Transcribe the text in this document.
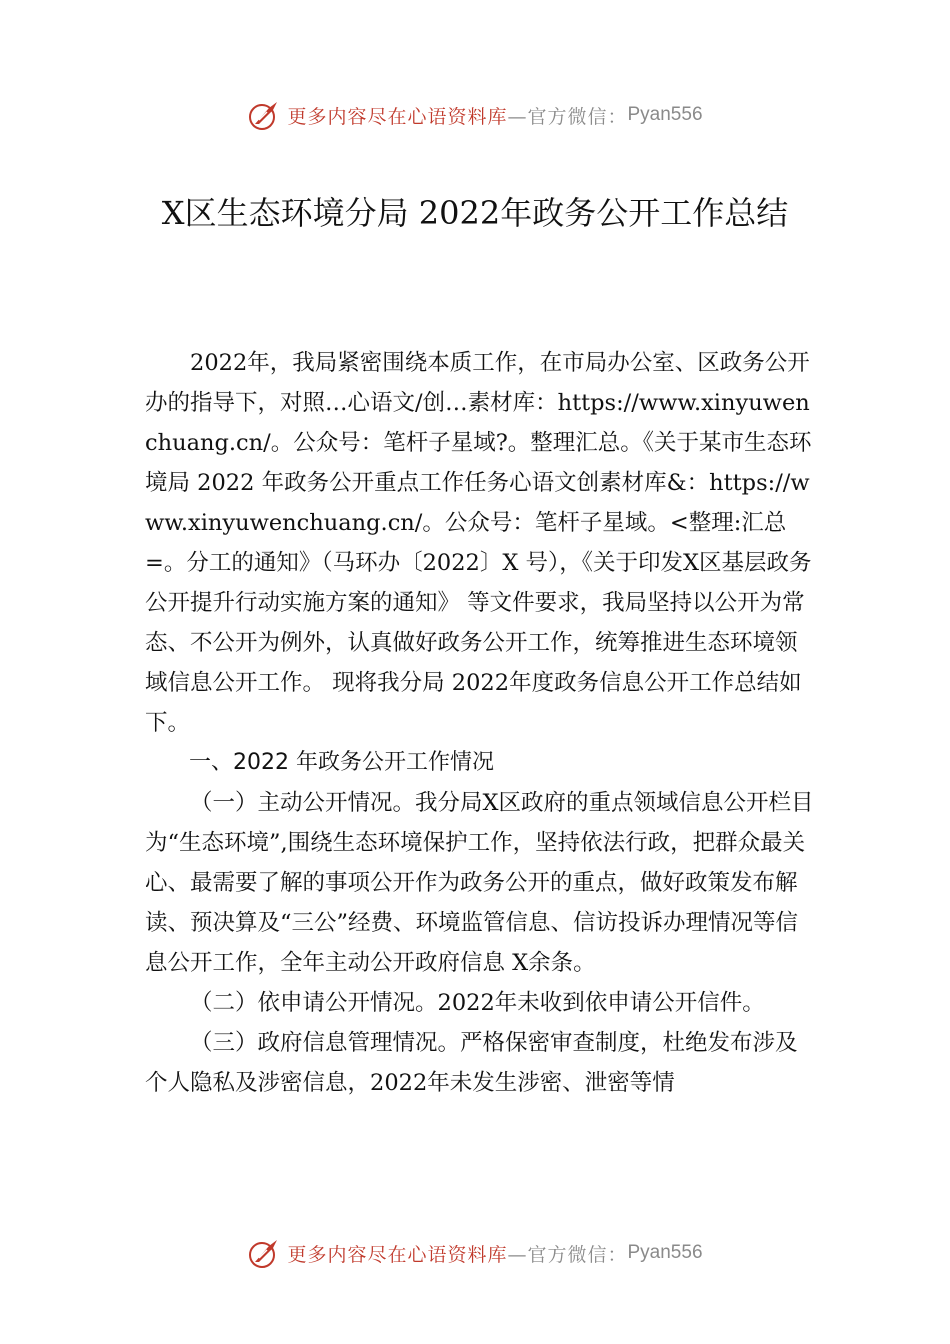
更多内容尽在心语资料库 —官方微信： Pyan556
X区生态环境分局 2022年政务公开工作总结

2022年，我局紧密围绕本质工作，在市局办公室、区政务公开办的指导下，对照…心语文/创…素材库：https://www.xinyuwenchuang.cn/。公众号：笔杆子星域?。整理汇总。《关于某市生态环境局 2022 年政务公开重点工作任务心语文创素材库&：https://www.xinyuwenchuang.cn/。公众号：笔杆子星域。<整理:汇总=。分工的通知》（马环办〔2022〕X 号），《关于印发X区基层政务公开提升行动实施方案的通知》 等文件要求，我局坚持以公开为常态、不公开为例外，认真做好政务公开工作，统筹推进生态环境领域信息公开工作。 现将我分局 2022年度政务信息公开工作总结如下。

一、2022 年政务公开工作情况

（一）主动公开情况。我分局X区政府的重点领域信息公开栏目为“生态环境”,围绕生态环境保护工作，坚持依法行政，把群众最关心、最需要了解的事项公开作为政务公开的重点，做好政策发布解读、预决算及“三公”经费、环境监管信息、信访投诉办理情况等信息公开工作，全年主动公开政府信息 X余条。

（二）依申请公开情况。2022年未收到依申请公开信件。

（三）政府信息管理情况。严格保密审查制度，杜绝发布涉及个人隐私及涉密信息，2022年未发生涉密、泄密等情

更多内容尽在心语资料库 —官方微信： Pyan556
